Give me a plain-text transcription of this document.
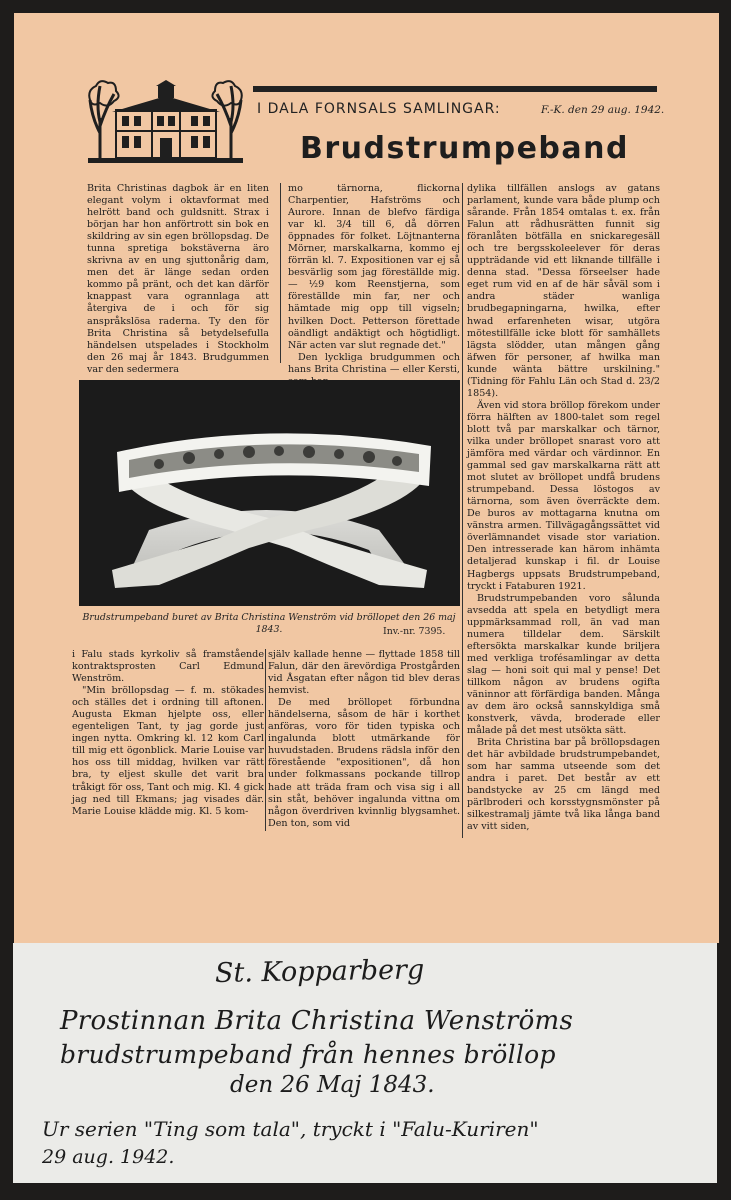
I DALA FORNSALS SAMLINGAR:	F.-K. den 29 aug. 1942.
Brudstrumpeband

Brita Christinas dagbok är en liten elegant volym i oktavformat med helrött band och guldsnitt. Strax i början har hon anförtrott sin bok en skildring av sin egen bröllopsdag. De tunna spretiga bokstäverna äro skrivna av en ung sjuttonårig dam, men det är länge sedan orden kommo på pränt, och det kan därför knappast vara ogrannlaga att återgiva de i och för sig anspråkslösa raderna. Ty den för Brita Christina så betydelsefulla händelsen utspelades i Stockholm den 26 maj år 1843. Brudgummen var den sedermera

mo tärnorna, flickorna Charpentier, Hafströms och Aurore. Innan de blefvo färdiga var kl. 3/4 till 6, då dörren öppnades för folket. Löjtnanterna Mörner, marskalkarna, kommo ej förrän kl. 7. Expositionen var ej så besvärlig som jag föreställde mig. — ½9 kom Reenstjerna, som föreställde min far, ner och hämtade mig opp till vigseln; hvilken Doct. Petterson förettade oändligt andäktigt och högtidligt. När acten var slut regnade det."

Den lyckliga brudgummen och hans Brita Christina — eller Kersti,

dylika tillfällen anslogs av gatans parlament, kunde vara både plump och sårande. Från 1854 omtalas t. ex. från Falun att rådhusrätten funnit sig föranlåten bötfälla en snickaregesäll och tre bergsskoleelever för deras uppträdande vid ett liknande tillfälle i denna stad. "Dessa förseelser hade eget rum vid en af de här såväl som i andra städer wanliga brudbegapningarna, hwilka, efter hwad erfarenheten wisar, utgöra mötestillfälle icke blott för samhällets lägsta slödder, utan mången gång äfwen för personer, af hwilka man kunde wänta bättre urskilning." (Tidning för Fahlu Län och Stad d. 23/2 1854).

Även vid stora bröllop förekom under förra hälften av 1800-talet som regel blott två par marskalkar och tärnor, vilka under bröllopet snarast voro att jämföra med värdar och värdinnor. En gammal sed gav marskalkarna rätt att mot slutet av bröllopet undfå brudens strumpeband. Dessa löstogos av tärnorna, som även överräckte dem. De buros av mottagarna knutna om vänstra armen. Tillvägagångssättet vid överlämnandet visade stor variation. Den intresserade kan härom inhämta detaljerad kunskap i fil. dr Louise Hagbergs uppsats Brudstrumpeband, tryckt i Fataburen 1921.

Brudstrumpebanden voro sålunda avsedda att spela en betydligt mera uppmärksammad roll, än vad man numera tilldelar dem. Särskilt eftersökta marskalkar kunde briljera med verkliga trofésamlingar av detta slag — honi soit qui mal y pense! Det tillkom någon av brudens ogifta väninnor att förfärdiga banden. Många av dem äro också sannskyldiga små konstverk, vävda, broderade eller målade på det mest utsökta sätt.

Brita Christina bar på bröllopsdagen det här avbildade brudstrumpebandet, som har samma utseende som det andra i paret. Det består av ett bandstycke av 25 cm längd med pärlbroderi och korsstygnsmönster på silkestramalj jämte två lika långa band av vitt siden,

Brudstrumpeband buret av Brita Christina Wenström vid bröllopet den 26 maj 1843.	Inv.-nr. 7395.

i Falu stads kyrkoliv så framstående kontraktsprosten Carl Edmund Wenström.

"Min bröllopsdag — f. m. stökades och ställes det i ordning till aftonen. Augusta Ekman hjelpte oss, eller egenteligen Tant, ty jag gorde just ingen nytta. Omkring kl. 12 kom Carl till mig ett ögonblick. Marie Louise var hos oss till middag, hvilken var rätt bra, ty eljest skulle det varit bra tråkigt för oss, Tant och mig. Kl. 4 gick jag ned till Ekmans; jag visades där. Marie Louise klädde mig. Kl. 5 kom-

själv kallade henne — flyttade 1858 till Falun, där den ärevördiga Prostgården vid Åsgatan efter någon tid blev deras hemvist.

De med bröllopet förbundna händelserna, såsom de här i korthet anföras, voro för tiden typiska och ingalunda blott utmärkande för huvudstaden. Brudens rädsla inför den förestående "expositionen", då hon under folkmassans pockande tillrop hade att träda fram och visa sig i all sin ståt, behöver ingalunda vittna om någon överdriven kvinnlig blygsamhet. Den ton, som vid

St. Kopparberg
Prostinnan Brita Christina Wenströms
brudstrumpeband från hennes bröllop
den 26 Maj 1843.
Ur serien "Ting som tala", tryckt i "Falu-Kuriren"
29 aug. 1942.
